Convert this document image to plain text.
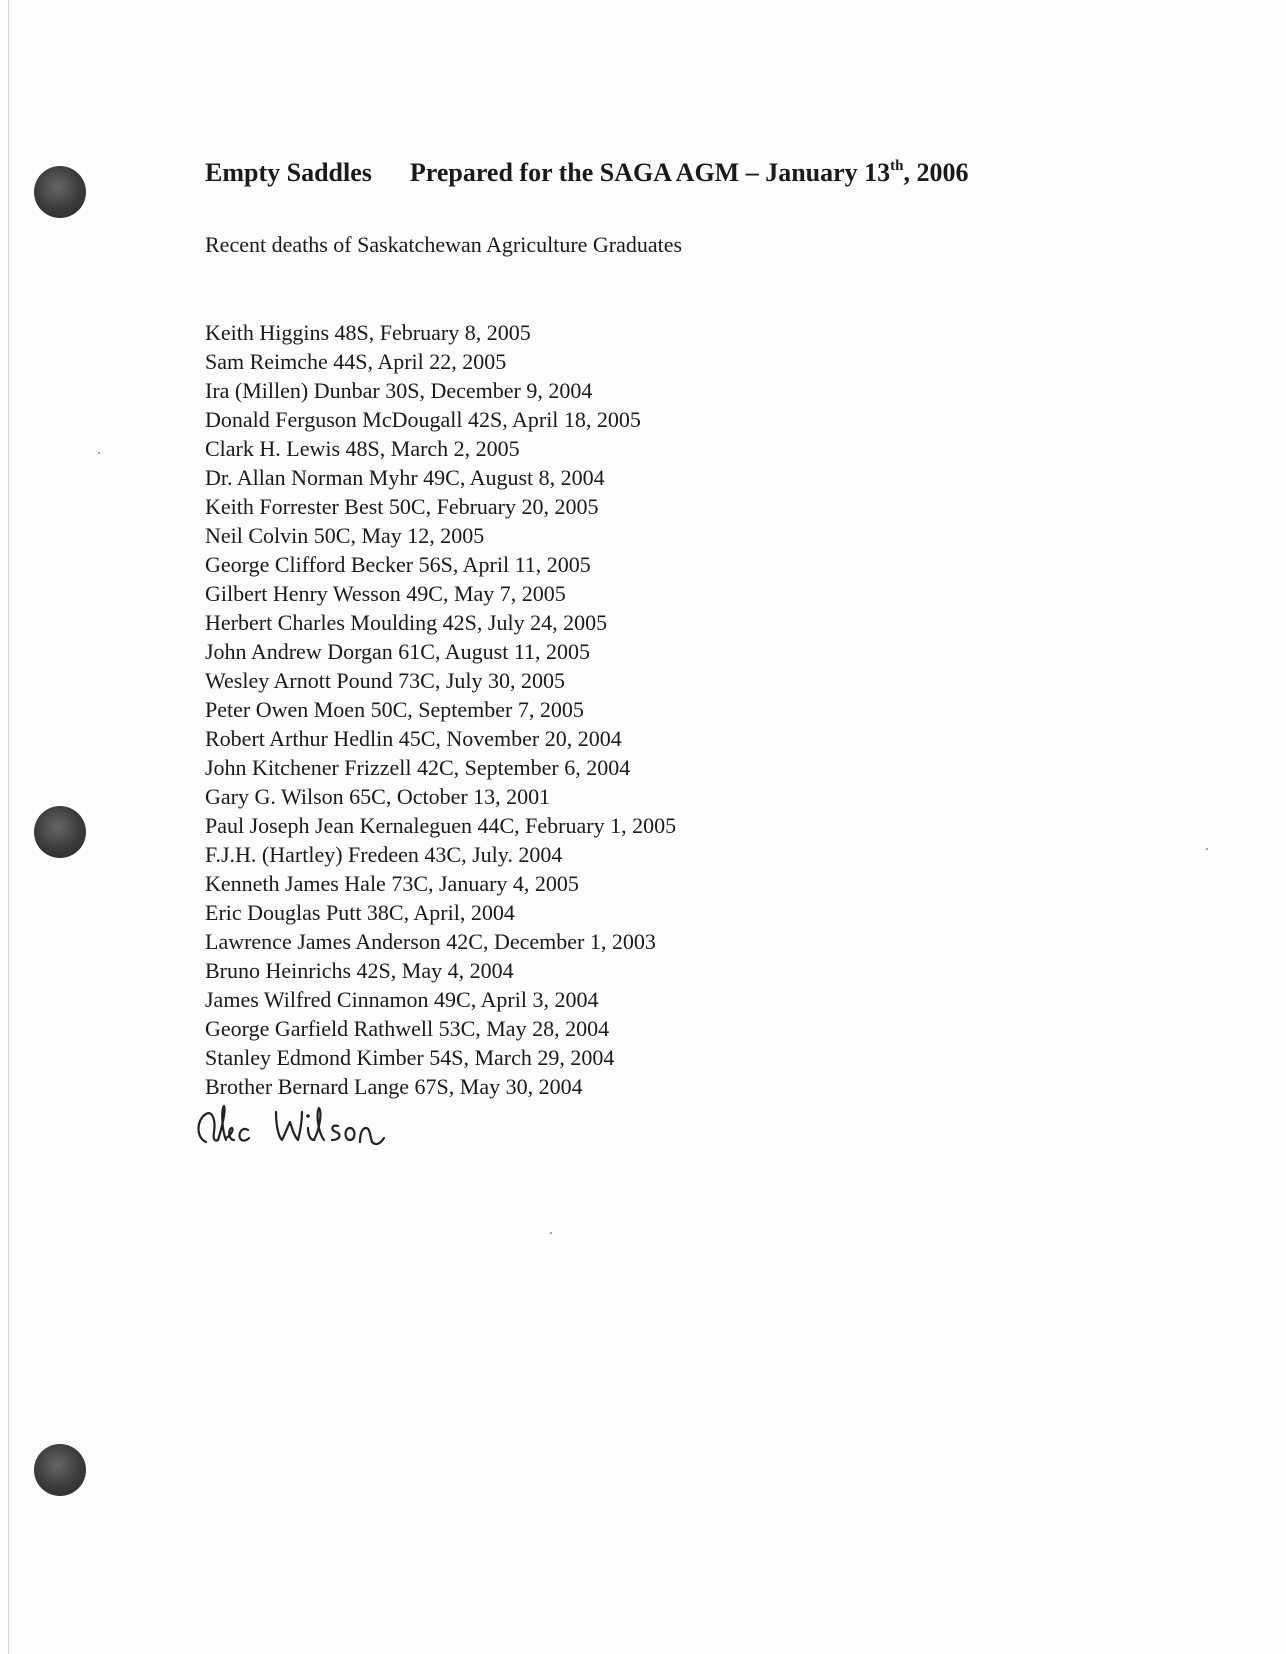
Empty Saddles Prepared for the SAGA AGM – January 13th, 2006
Recent deaths of Saskatchewan Agriculture Graduates
Keith Higgins 48S, February 8, 2005
Sam Reimche 44S, April 22, 2005
Ira (Millen) Dunbar 30S, December 9, 2004
Donald Ferguson McDougall 42S, April 18, 2005
Clark H. Lewis 48S, March 2, 2005
Dr. Allan Norman Myhr 49C, August 8, 2004
Keith Forrester Best 50C, February 20, 2005
Neil Colvin 50C, May 12, 2005
George Clifford Becker 56S, April 11, 2005
Gilbert Henry Wesson 49C, May 7, 2005
Herbert Charles Moulding 42S, July 24, 2005
John Andrew Dorgan 61C, August 11, 2005
Wesley Arnott Pound 73C, July 30, 2005
Peter Owen Moen 50C, September 7, 2005
Robert Arthur Hedlin 45C, November 20, 2004
John Kitchener Frizzell 42C, September 6, 2004
Gary G. Wilson 65C, October 13, 2001
Paul Joseph Jean Kernaleguen 44C, February 1, 2005
F.J.H. (Hartley) Fredeen 43C, July. 2004
Kenneth James Hale 73C, January 4, 2005
Eric Douglas Putt 38C, April, 2004
Lawrence James Anderson 42C, December 1, 2003
Bruno Heinrichs 42S, May 4, 2004
James Wilfred Cinnamon 49C, April 3, 2004
George Garfield Rathwell 53C, May 28, 2004
Stanley Edmond Kimber 54S, March 29, 2004
Brother Bernard Lange 67S, May 30, 2004
